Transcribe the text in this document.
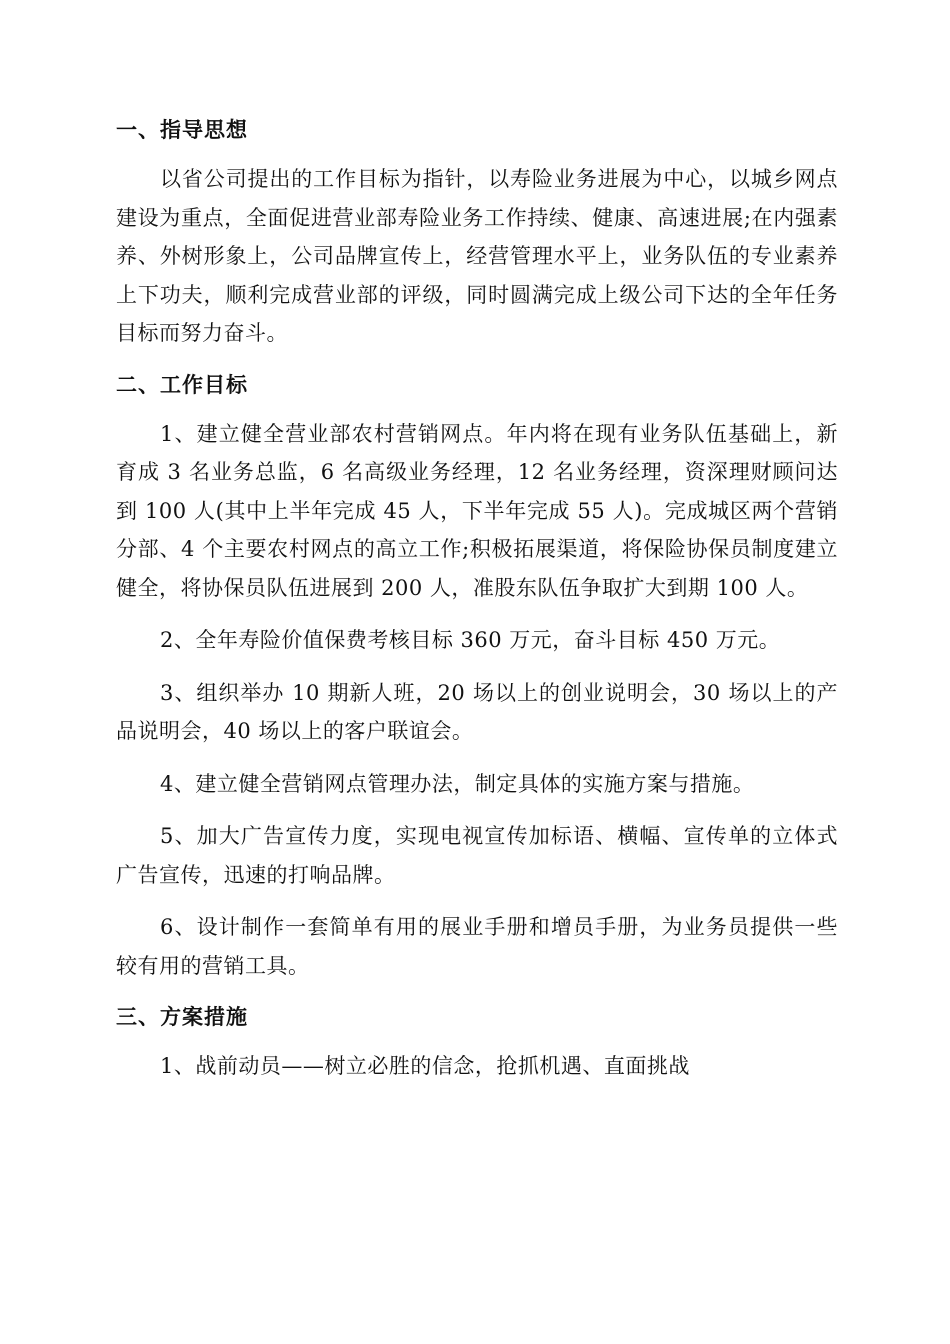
一、指导思想

以省公司提出的工作目标为指针，以寿险业务进展为中心，以城乡网点建设为重点，全面促进营业部寿险业务工作持续、健康、高速进展;在内强素养、外树形象上，公司品牌宣传上，经营管理水平上，业务队伍的专业素养上下功夫，顺利完成营业部的评级，同时圆满完成上级公司下达的全年任务目标而努力奋斗。

二、工作目标

1、建立健全营业部农村营销网点。年内将在现有业务队伍基础上，新育成 3 名业务总监，6 名高级业务经理，12 名业务经理，资深理财顾问达到 100 人(其中上半年完成 45 人，下半年完成 55 人)。完成城区两个营销分部、4 个主要农村网点的高立工作;积极拓展渠道，将保险协保员制度建立健全，将协保员队伍进展到 200 人，准股东队伍争取扩大到期 100 人。

2、全年寿险价值保费考核目标 360 万元，奋斗目标 450 万元。

3、组织举办 10 期新人班，20 场以上的创业说明会，30 场以上的产品说明会，40 场以上的客户联谊会。

4、建立健全营销网点管理办法，制定具体的实施方案与措施。

5、加大广告宣传力度，实现电视宣传加标语、横幅、宣传单的立体式广告宣传，迅速的打响品牌。

6、设计制作一套简单有用的展业手册和增员手册，为业务员提供一些较有用的营销工具。

三、方案措施

1、战前动员——树立必胜的信念，抢抓机遇、直面挑战
